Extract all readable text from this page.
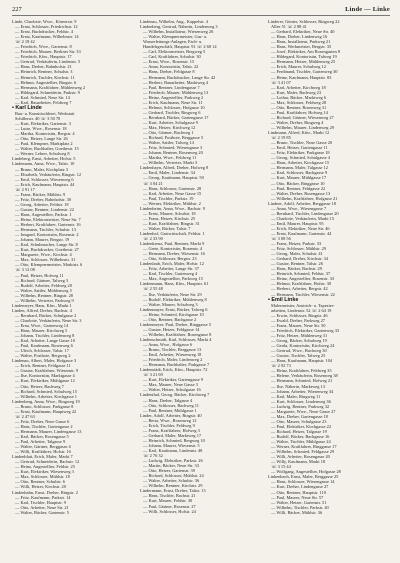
227	Linde — Linke
Linde, Charlotte, Wwe., Körnerstr. 9
— Ernst, Schlosser, Friedrichstr. 12
— Ernst, Buchdrucker, Feldstr. 4
— Ernst, Kaufmann, Wilhelmstr. 14
☏ 2 18 42
— Friedrich, Wwe., Gartenstr. 8
— Friedrich, Maurer, Berliner Str. 33
— Friedrich, Kfm., Hauptstr. 17
— Gertrud, Verkäuferin, Lindenstr. 5
— Hans, Dreher, Bahnhofstr. 21
— Heinrich, Rentner, Schulstr. 3
— Heinrich, Tischler, Kirchstr. 11
— Helmut, Angestellter, Ringstr. 6
— Hermann, Kraftfahrer, Mühlenweg 2
— Hildegard, Schneiderin, Parkstr. 9
— Karl, Schmied, Neue Str. 14
— Karl, Bauarbeiter, Feldweg 7
• Karl Linde
Bau- u. Kunsttischlerei, Werkstatt
Schillerstr. 40 ☏ 3 50 70
— Kurt, Elektriker, Gartenstr. 3
— Luise, Wwe., Rosenstr. 18
— Martha, Kontoristin, Bergstr. 4
— Otto, Heizer, Lange Str. 26
— Paul, Klempner, Marktplatz 2
— Walter, Buchhalter, Goethestr. 15
— Werner, Lehrer, Schulweg 8
Lindeberg, Ernst, Arbeiter, Hofstr. 5
Lindemann, Anna, Wwe., Talstr. 10
— Bruno, Maler, Kirchplatz 3
— Elisabeth, Verkäuferin, Ringstr. 12
— Emil, Schlosser, Wiesenweg 6
— Erich, Kaufmann, Hauptstr. 44
☏ 2 91 17
— Franz, Bäcker, Mühlstr. 9
— Fritz, Dreher, Bahnhofstr. 30
— Georg, Arbeiter, Feldstr. 18
— Gustav, Rentner, Lindenstr. 22
— Hans, Angestellter, Parkstr. 1
— Heinz, Elektromeister, Neue Str. 7
— Herbert, Kraftfahrer, Gartenstr. 16
— Hermann, Tischler, Schulstr. 13
— Irmgard, Kontoristin, Rosenstr. 2
— Johann, Maurer, Bergstr. 19
— Karl, Schuhmacher, Lange Str. 8
— Kurt, Buchdrucker, Goethestr. 27
— Margarete, Wwe., Kirchstr. 4
— Max, Schlosser, Wilhelmstr. 31
— Otto, Klempnermeister, Marktstr. 6
☏ 3 12 08
— Paul, Heizer, Hofweg 11
— Richard, Gärtner, Talweg 3
— Rudolf, Arbeiter, Feldweg 20
— Walter, Sattler, Mühlenweg 5
— Wilhelm, Rentner, Ringstr. 28
— Wilhelm, Vertreter, Parkweg 9
Lindemeyer, Hans, Kfm., Markt 1
Linden, Alfred, Dreher, Bachstr. 4
— Bernhard, Bäcker, Schulgasse 2
— Charlotte, Verkäuferin, Neue Str. 3
— Erna, Wwe., Gartenweg 14
— Hans, Maurer, Kirchweg 5
— Johann, Tischler, Lindenweg 8
— Karl, Arbeiter, Lange Gasse 10
— Paul, Kaufmann, Rosenweg 6
— Ulrich, Schlosser, Talstr. 17
— Walter, Postbote, Bergweg 2
Lindenau, Albert, Maler, Hofgasse 3
— Erich, Rentner, Feldgasse 11
— Gustav, Kraftfahrer, Wiesenstr. 9
— Ilse, Kontoristin, Marktgasse 4
— Kurt, Elektriker, Mühlgasse 12
— Otto, Heizer, Bachweg 7
— Richard, Schmied, Schulweg 15
— Wilhelm, Arbeiter, Kirchgasse 1
Lindenberg, Anna, Wwe., Ringweg 19
— Bruno, Schlosser, Parkgasse 8
— Ernst, Kaufmann, Hauptweg 22
☏ 2 47 63
— Fritz, Dreher, Neue Gasse 6
— Hans, Tischler, Gartengasse 2
— Hermann, Maurer, Lindengasse 13
— Karl, Bäcker, Rosengasse 5
— Paul, Arbeiter, Talgasse 9
— Walter, Gärtner, Berggasse 4
— Willi, Kraftfahrer, Hofstr. 16
Lindenblatt, Erich, Maler, Markt 7
— Gertrud, Schneiderin, Bachstr. 12
— Heinz, Angestellter, Feldstr. 25
— Kurt, Elektriker, Wiesenweg 3
— Max, Schlosser, Mühlstr. 18
— Otto, Rentner, Schulstr. 6
— Willi, Heizer, Kirchstr. 20
Lindenhahn, Ernst, Dreher, Ringstr. 2
— Fritz, Kaufmann, Parkstr. 14
— Karl, Tischler, Hauptstr. 9
— Otto, Arbeiter, Neue Str. 21
— Walter, Bäcker, Gartenstr. 5
Lindenau, Wilhelm, Ang., Kappelstr. 4
Lindenberg, Gertrud, Näherin, Lindenweg 3
— Wilhelm, Installateur, Wiesenweg 26
— Walter, Klempnermeister, Gas- u.
Wasserleitungs-Anlagen, Fach- u.
Handelsgeschäft, Hauptstr. 91 ☏ 2 68 14
— Carl, Elektromeister, Bergweg 5
— Carl, Kraftfahrer, Schulstr. 30
— Ernst, Wwe., Rosenstr. 15
— Anna, Kontoristin, Talstr. 22
— Hans, Dreher, Feldgasse 8
— Hermann, Buchdrucker, Lange Str. 42
— Herbert, Bauarbeiter, Marktweg 4
— Paul, Rentner, Lindengasse 7
— Friedrich, Maurer, Mühlenweg 13
— Heinz, Angestellter, Parkweg 2
— Erich, Kaufmann, Neue Str. 11
— Helmut, Schlosser, Hofgasse 10
— Gerhard, Tischler, Ringweg 6
— Bernhard, Bäcker, Gartengasse 17
— Kurt, Arbeiter, Schulgasse 9
— Max, Heizer, Kirchweg 12
— Otto, Gärtner, Bachweg 1
— Richard, Postbote, Berggasse 5
— Walter, Sattler, Talweg 14
— Fritz, Schmied, Wiesengasse 3
— Johann, Rentner, Rosenweg 20
— Martha, Wwe., Feldweg 11
— Wilhelm, Vertreter, Markt 3
Lindenhayn, Alfred, Dreher, Hofweg 8
— Emil, Maler, Lindenstr. 34
— Georg, Kaufmann, Hauptstr. 50
☏ 3 04 21
— Hans, Schlosser, Gartenstr. 28
— Karl, Arbeiter, Neue Gasse 15
— Paul, Tischler, Parkstr. 19
— Werner, Elektriker, Mühlstr. 2
Lindenheim, Anna, Wwe., Bachstr. 9
— Ernst, Maurer, Schulstr. 18
— Franz, Heizer, Kirchstr. 25
— Kurt, Kraftfahrer, Ringstr. 31
— Walter, Bäcker, Talstr. 7
Lindenhof, Gastwirtschaft, Feldstr. 1
☏ 2 33 90
Lindenkreuz, Paul, Rentner, Markt 9
— Grete, Kontoristin, Rosenstr. 4
— Hermann, Dreher, Wiesenstr. 16
— Otto, Schlosser, Bergstr. 23
Lindenlaub, Erich, Maler, Hofstr. 12
— Fritz, Arbeiter, Lange Str. 37
— Karl, Tischler, Gartenweg 4
— Max, Angestellter, Parkweg 15
Lindenmann, Hans, Kfm., Hauptstr. 61
☏ 2 55 48
— Ilse, Verkäuferin, Neue Str. 29
— Rudolf, Elektriker, Mühlenweg 8
— Walter, Maurer, Schulweg 3
Lindenmayer, Ernst, Bäcker, Talweg 6
— Heinz, Schmied, Kirchgasse 10
— Otto, Rentner, Bachgasse 2
Lindenmeyer, Paul, Dreher, Ringgasse 5
— Gustav, Heizer, Feldgasse 14
— Wilhelm, Kraftfahrer, Rosengasse 8
Lindenschmidt, Karl, Schlosser, Markt 4
— Anna, Wwe., Hofgasse 6
— Bruno, Tischler, Berggasse 13
— Emil, Arbeiter, Wiesenweg 18
— Friedrich, Maler, Lindenweg 2
— Hermann, Buchhalter, Parkgasse 7
Lindenstädt, Erich, Kfm., Hauptstr. 72
☏ 3 21 69
— Kurt, Elektriker, Gartengasse 9
— Max, Maurer, Neue Gasse 3
— Walter, Heizer, Schulgasse 16
Lindenthal, Georg, Bäcker, Kirchweg 7
— Hans, Dreher, Talgasse 4
— Otto, Schlosser, Bachweg 11
— Paul, Rentner, Mühlgasse 1
Linder, Adolf, Arbeiter, Ringstr. 40
— Berta, Wwe., Rosenweg 12
— Erich, Tischler, Feldweg 9
— Franz, Kraftfahrer, Hofweg 3
— Gerhard, Maler, Marktweg 17
— Heinrich, Schmied, Bergweg 10
— Johann, Maurer, Wiesenstr. 5
— Karl, Kaufmann, Lindenstr. 48
☏ 2 76 32
— Ludwig, Elektriker, Parkstr. 26
— Martin, Bäcker, Neue Str. 33
— Otto, Heizer, Gartenstr. 39
— Richard, Schlosser, Mühlstr. 24
— Walter, Arbeiter, Schulstr. 36
— Wilhelm, Rentner, Kirchstr. 29
Lindermann, Ernst, Dreher, Talstr. 13
— Hans, Tischler, Bachstr. 21
— Kurt, Maurer, Feldstr. 30
— Paul, Gärtner, Rosenstr. 27
— Willi, Schlosser, Hofstr. 24
Linderer, Günter, Schlosser, Ringweg 22
Allee 51 ☏ 2 88 41
— Gerhard, Elektriker, Neue Str. 40
— Hans, Dreher, Lindenweg 16
— Hans, Installateur, Parkweg 21
— Hans, Werkmeister, Bergstr. 35
— Josef, Elektriker, Am Rosengarten 8
— Hildegard, Kontoristin, Talweg 19
— Hermann, Heizer, Mühlenweg 25
— Erich, Maurer, Schulweg 12
— Ferdinand, Tischler, Gartenweg 30
— Heinz, Kaufmann, Hauptstr. 83
☏ 3 41 07
— Karl, Arbeiter, Kirchweg 18
— Kurt, Maler, Bachweg 23
— Lothar, Bäcker, Marktweg 6
— Max, Schlosser, Feldweg 28
— Otto, Rentner, Rosenweg 31
— Paul, Kraftfahrer, Hofweg 14
— Richard, Gärtner, Wiesenweg 27
— Walter, Dreher, Ringweg 4
— Wilhelm, Maurer, Lindenweg 29
Lindmann, Alfred, Kfm., Markt 12
☏ 2 19 85
— Bruno, Tischler, Neue Gasse 20
— Emil, Heizer, Gartengasse 11
— Fritz, Elektriker, Parkgasse 18
— Georg, Schmied, Schulgasse 4
— Hans, Arbeiter, Kirchgasse 15
— Hermann, Maler, Talgasse 12
— Karl, Schlosser, Bachgasse 9
— Kurt, Maurer, Mühlgasse 17
— Otto, Bäcker, Ringgasse 10
— Paul, Rentner, Feldgasse 22
— Walter, Dreher, Rosengasse 13
— Wilhelm, Kraftfahrer, Hofgasse 21
Lindner, Adolf, Arbeiter, Berggasse 18
— Anna, Wwe., Wiesengasse 7
— Bernhard, Tischler, Lindengasse 20
— Charlotte, Verkäuferin, Markt 15
— Emil, Maurer, Hauptstr. 95
— Erich, Elektriker, Neue Str. 46
— Ernst, Kaufmann, Gartenstr. 44
☏ 3 08 56
— Franz, Heizer, Parkstr. 33
— Fritz, Schlosser, Mühlstr. 29
— Georg, Maler, Schulstr. 41
— Gerhard, Dreher, Kirchstr. 34
— Gustav, Rentner, Talstr. 26
— Hans, Bäcker, Bachstr. 29
— Heinrich, Schmied, Feldstr. 37
— Heinz, Angestellter, Rosenstr. 33
— Helmut, Kraftfahrer, Hofstr. 30
— Herbert, Arbeiter, Bergstr. 42
— Hermann, Tischler, Wiesenstr. 22
• Emil Linke
Malermeister, Anstrich- u. Tapezier-
arbeiten, Lindenstr. 52 ☏ 2 64 19
— Erwin, Schlosser, Ringstr. 46
— Ewald, Dreher, Parkweg 27
— Franz, Maurer, Neue Str. 50
— Friedrich, Elektriker, Gartenweg 33
— Fritz, Heizer, Mühlenweg 31
— Georg, Bäcker, Schulweg 19
— Gerda, Kontoristin, Kirchweg 24
— Gertrud, Wwe., Bachweg 30
— Gustav, Tischler, Talweg 25
— Hans, Kaufmann, Hauptstr. 104
☏ 2 92 73
— Heinz, Kraftfahrer, Feldweg 35
— Helene, Verkäuferin, Rosenweg 38
— Hermann, Schmied, Hofweg 21
— Ilse, Näherin, Marktweg 13
— Johann, Arbeiter, Wiesenweg 34
— Karl, Maler, Ringweg 11
— Kurt, Schlosser, Lindenweg 36
— Ludwig, Rentner, Parkweg 32
— Margarete, Wwe., Neue Gasse 27
— Max, Dreher, Gartengasse 18
— Otto, Maurer, Schulgasse 23
— Paul, Elektriker, Kirchgasse 22
— Richard, Heizer, Talgasse 19
— Rudolf, Bäcker, Bachgasse 16
— Walter, Tischler, Mühlgasse 24
— Werner, Kraftfahrer, Ringgasse 17
— Wilhelm, Schmied, Feldgasse 29
— Willi, Arbeiter, Rosengasse 20
— Willy, Kaufmann, Markt 18
☏ 3 15 44
— Wolfgang, Angestellter, Hofgasse 28
Linkenbach, Ernst, Maler, Berggasse 25
— Hans, Schlosser, Wiesengasse 14
— Kurt, Dreher, Lindengasse 27
— Otto, Rentner, Hauptstr. 110
— Paul, Maurer, Neue Str. 57
— Walter, Heizer, Gartenstr. 51
— Wilhelm, Tischler, Parkstr. 40
— Willi, Bäcker, Mühlstr. 36
